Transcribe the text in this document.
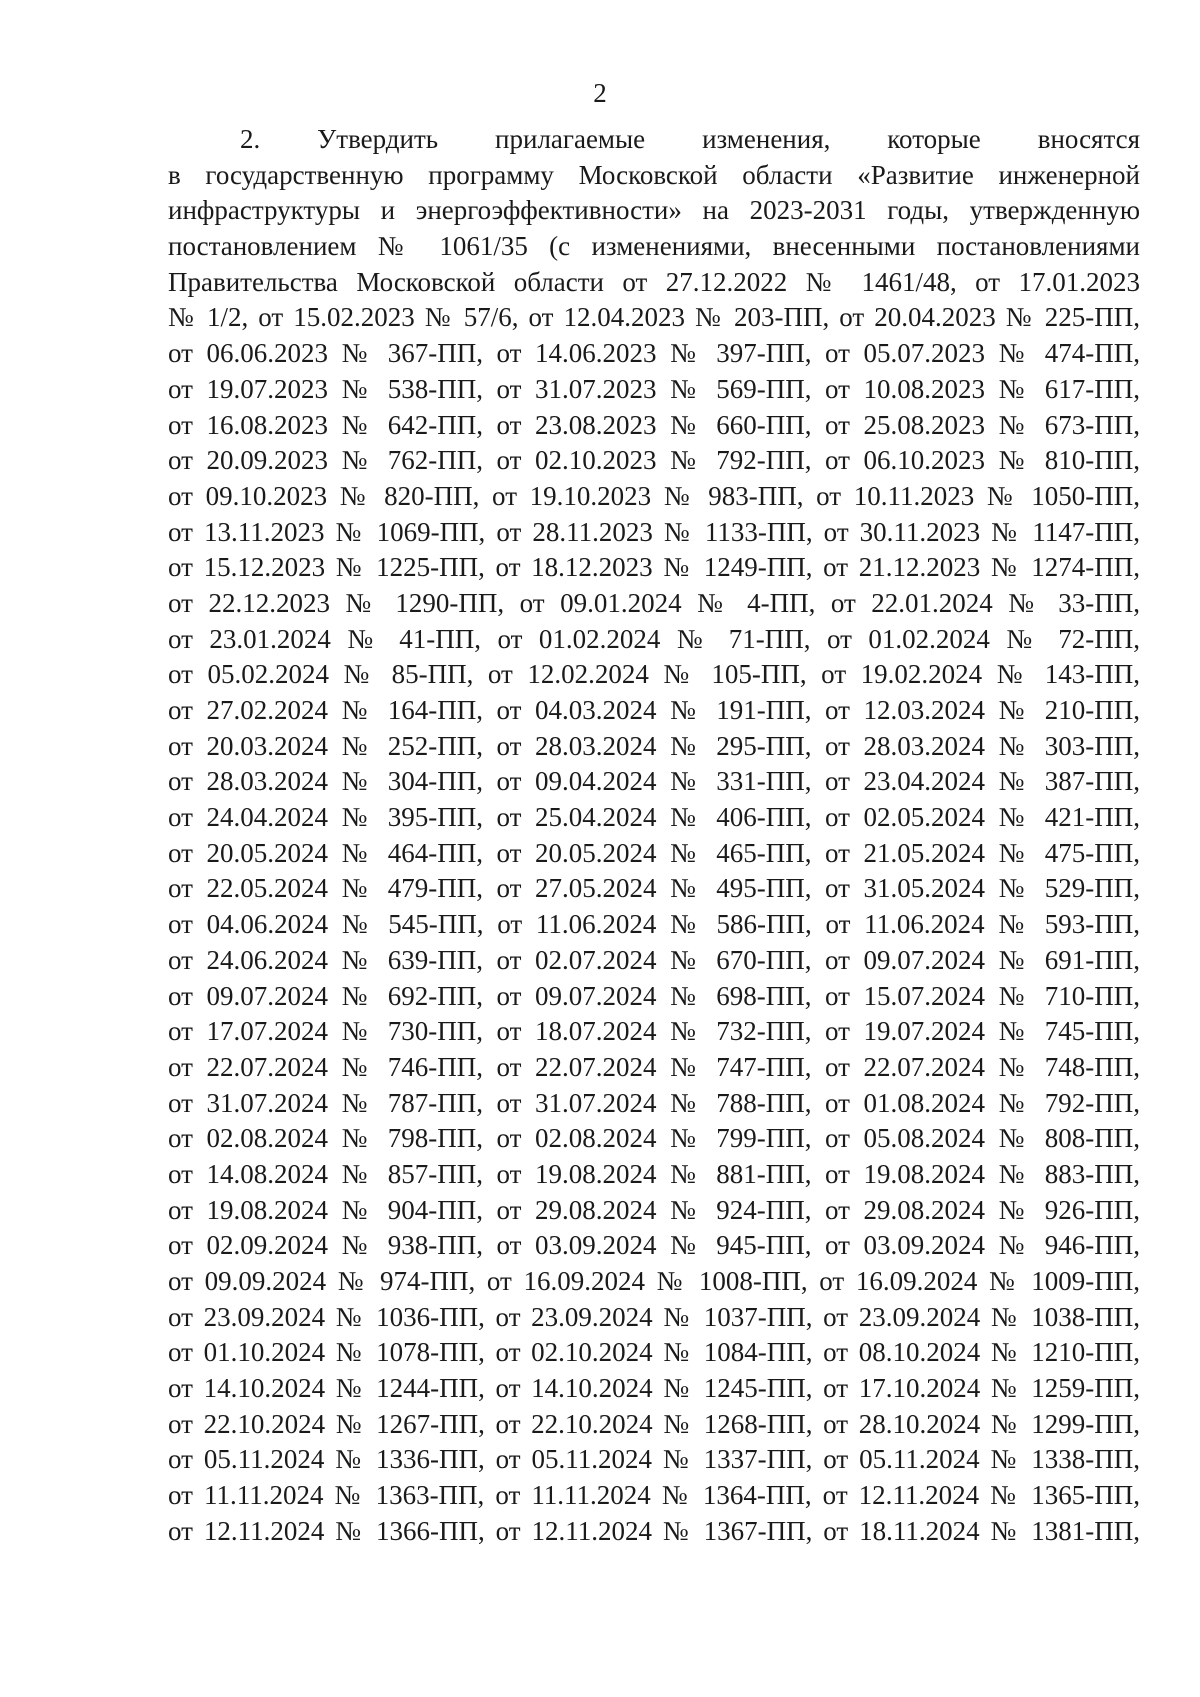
2
2. Утвердить прилагаемые изменения, которые вносятся
в государственную программу Московской области «Развитие инженерной
инфраструктуры и энергоэффективности» на 2023-2031 годы, утвержденную
постановлением № 1061/35 (с изменениями, внесенными постановлениями
Правительства Московской области от 27.12.2022 № 1461/48, от 17.01.2023
№ 1/2, от 15.02.2023 № 57/6, от 12.04.2023 № 203-ПП, от 20.04.2023 № 225-ПП,
от 06.06.2023 № 367-ПП, от 14.06.2023 № 397-ПП, от 05.07.2023 № 474-ПП,
от 19.07.2023 № 538-ПП, от 31.07.2023 № 569-ПП, от 10.08.2023 № 617-ПП,
от 16.08.2023 № 642-ПП, от 23.08.2023 № 660-ПП, от 25.08.2023 № 673-ПП,
от 20.09.2023 № 762-ПП, от 02.10.2023 № 792-ПП, от 06.10.2023 № 810-ПП,
от 09.10.2023 № 820-ПП, от 19.10.2023 № 983-ПП, от 10.11.2023 № 1050-ПП,
от 13.11.2023 № 1069-ПП, от 28.11.2023 № 1133-ПП, от 30.11.2023 № 1147-ПП,
от 15.12.2023 № 1225-ПП, от 18.12.2023 № 1249-ПП, от 21.12.2023 № 1274-ПП,
от 22.12.2023 № 1290-ПП, от 09.01.2024 № 4-ПП, от 22.01.2024 № 33-ПП,
от 23.01.2024 № 41-ПП, от 01.02.2024 № 71-ПП, от 01.02.2024 № 72-ПП,
от 05.02.2024 № 85-ПП, от 12.02.2024 № 105-ПП, от 19.02.2024 № 143-ПП,
от 27.02.2024 № 164-ПП, от 04.03.2024 № 191-ПП, от 12.03.2024 № 210-ПП,
от 20.03.2024 № 252-ПП, от 28.03.2024 № 295-ПП, от 28.03.2024 № 303-ПП,
от 28.03.2024 № 304-ПП, от 09.04.2024 № 331-ПП, от 23.04.2024 № 387-ПП,
от 24.04.2024 № 395-ПП, от 25.04.2024 № 406-ПП, от 02.05.2024 № 421-ПП,
от 20.05.2024 № 464-ПП, от 20.05.2024 № 465-ПП, от 21.05.2024 № 475-ПП,
от 22.05.2024 № 479-ПП, от 27.05.2024 № 495-ПП, от 31.05.2024 № 529-ПП,
от 04.06.2024 № 545-ПП, от 11.06.2024 № 586-ПП, от 11.06.2024 № 593-ПП,
от 24.06.2024 № 639-ПП, от 02.07.2024 № 670-ПП, от 09.07.2024 № 691-ПП,
от 09.07.2024 № 692-ПП, от 09.07.2024 № 698-ПП, от 15.07.2024 № 710-ПП,
от 17.07.2024 № 730-ПП, от 18.07.2024 № 732-ПП, от 19.07.2024 № 745-ПП,
от 22.07.2024 № 746-ПП, от 22.07.2024 № 747-ПП, от 22.07.2024 № 748-ПП,
от 31.07.2024 № 787-ПП, от 31.07.2024 № 788-ПП, от 01.08.2024 № 792-ПП,
от 02.08.2024 № 798-ПП, от 02.08.2024 № 799-ПП, от 05.08.2024 № 808-ПП,
от 14.08.2024 № 857-ПП, от 19.08.2024 № 881-ПП, от 19.08.2024 № 883-ПП,
от 19.08.2024 № 904-ПП, от 29.08.2024 № 924-ПП, от 29.08.2024 № 926-ПП,
от 02.09.2024 № 938-ПП, от 03.09.2024 № 945-ПП, от 03.09.2024 № 946-ПП,
от 09.09.2024 № 974-ПП, от 16.09.2024 № 1008-ПП, от 16.09.2024 № 1009-ПП,
от 23.09.2024 № 1036-ПП, от 23.09.2024 № 1037-ПП, от 23.09.2024 № 1038-ПП,
от 01.10.2024 № 1078-ПП, от 02.10.2024 № 1084-ПП, от 08.10.2024 № 1210-ПП,
от 14.10.2024 № 1244-ПП, от 14.10.2024 № 1245-ПП, от 17.10.2024 № 1259-ПП,
от 22.10.2024 № 1267-ПП, от 22.10.2024 № 1268-ПП, от 28.10.2024 № 1299-ПП,
от 05.11.2024 № 1336-ПП, от 05.11.2024 № 1337-ПП, от 05.11.2024 № 1338-ПП,
от 11.11.2024 № 1363-ПП, от 11.11.2024 № 1364-ПП, от 12.11.2024 № 1365-ПП,
от 12.11.2024 № 1366-ПП, от 12.11.2024 № 1367-ПП, от 18.11.2024 № 1381-ПП,
